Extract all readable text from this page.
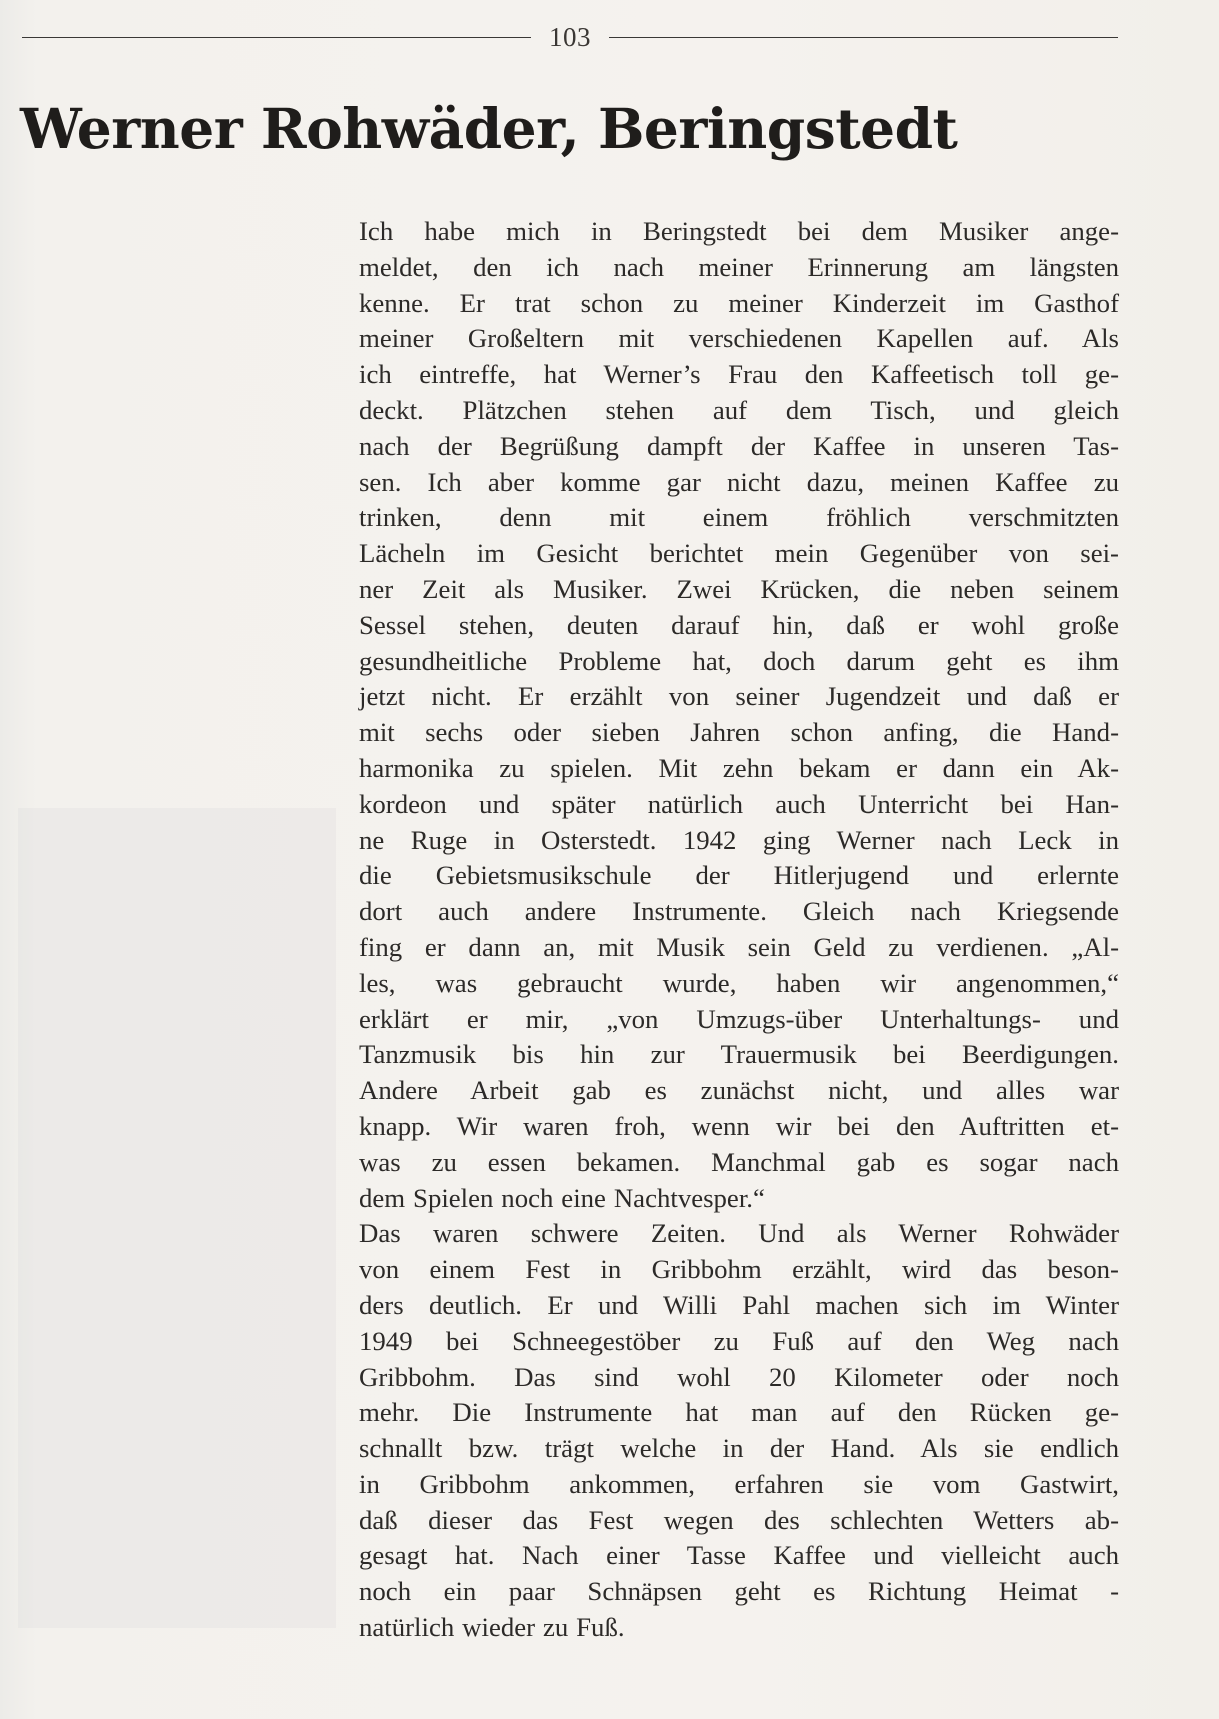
103
Werner Rohwäder, Beringstedt
Ich habe mich in Beringstedt bei dem Musiker ange-
meldet, den ich nach meiner Erinnerung am längsten
kenne. Er trat schon zu meiner Kinderzeit im Gasthof
meiner Großeltern mit verschiedenen Kapellen auf. Als
ich eintreffe, hat Werner’s Frau den Kaffeetisch toll ge-
deckt. Plätzchen stehen auf dem Tisch, und gleich
nach der Begrüßung dampft der Kaffee in unseren Tas-
sen. Ich aber komme gar nicht dazu, meinen Kaffee zu
trinken, denn mit einem fröhlich verschmitzten
Lächeln im Gesicht berichtet mein Gegenüber von sei-
ner Zeit als Musiker. Zwei Krücken, die neben seinem
Sessel stehen, deuten darauf hin, daß er wohl große
gesundheitliche Probleme hat, doch darum geht es ihm
jetzt nicht. Er erzählt von seiner Jugendzeit und daß er
mit sechs oder sieben Jahren schon anfing, die Hand-
harmonika zu spielen. Mit zehn bekam er dann ein Ak-
kordeon und später natürlich auch Unterricht bei Han-
ne Ruge in Osterstedt. 1942 ging Werner nach Leck in
die Gebietsmusikschule der Hitlerjugend und erlernte
dort auch andere Instrumente. Gleich nach Kriegsende
fing er dann an, mit Musik sein Geld zu verdienen. „Al-
les, was gebraucht wurde, haben wir angenommen,“
erklärt er mir, „von Umzugs-über Unterhaltungs- und
Tanzmusik bis hin zur Trauermusik bei Beerdigungen.
Andere Arbeit gab es zunächst nicht, und alles war
knapp. Wir waren froh, wenn wir bei den Auftritten et-
was zu essen bekamen. Manchmal gab es sogar nach
dem Spielen noch eine Nachtvesper.“
Das waren schwere Zeiten. Und als Werner Rohwäder
von einem Fest in Gribbohm erzählt, wird das beson-
ders deutlich. Er und Willi Pahl machen sich im Winter
1949 bei Schneegestöber zu Fuß auf den Weg nach
Gribbohm. Das sind wohl 20 Kilometer oder noch
mehr. Die Instrumente hat man auf den Rücken ge-
schnallt bzw. trägt welche in der Hand. Als sie endlich
in Gribbohm ankommen, erfahren sie vom Gastwirt,
daß dieser das Fest wegen des schlechten Wetters ab-
gesagt hat. Nach einer Tasse Kaffee und vielleicht auch
noch ein paar Schnäpsen geht es Richtung Heimat -
natürlich wieder zu Fuß.
